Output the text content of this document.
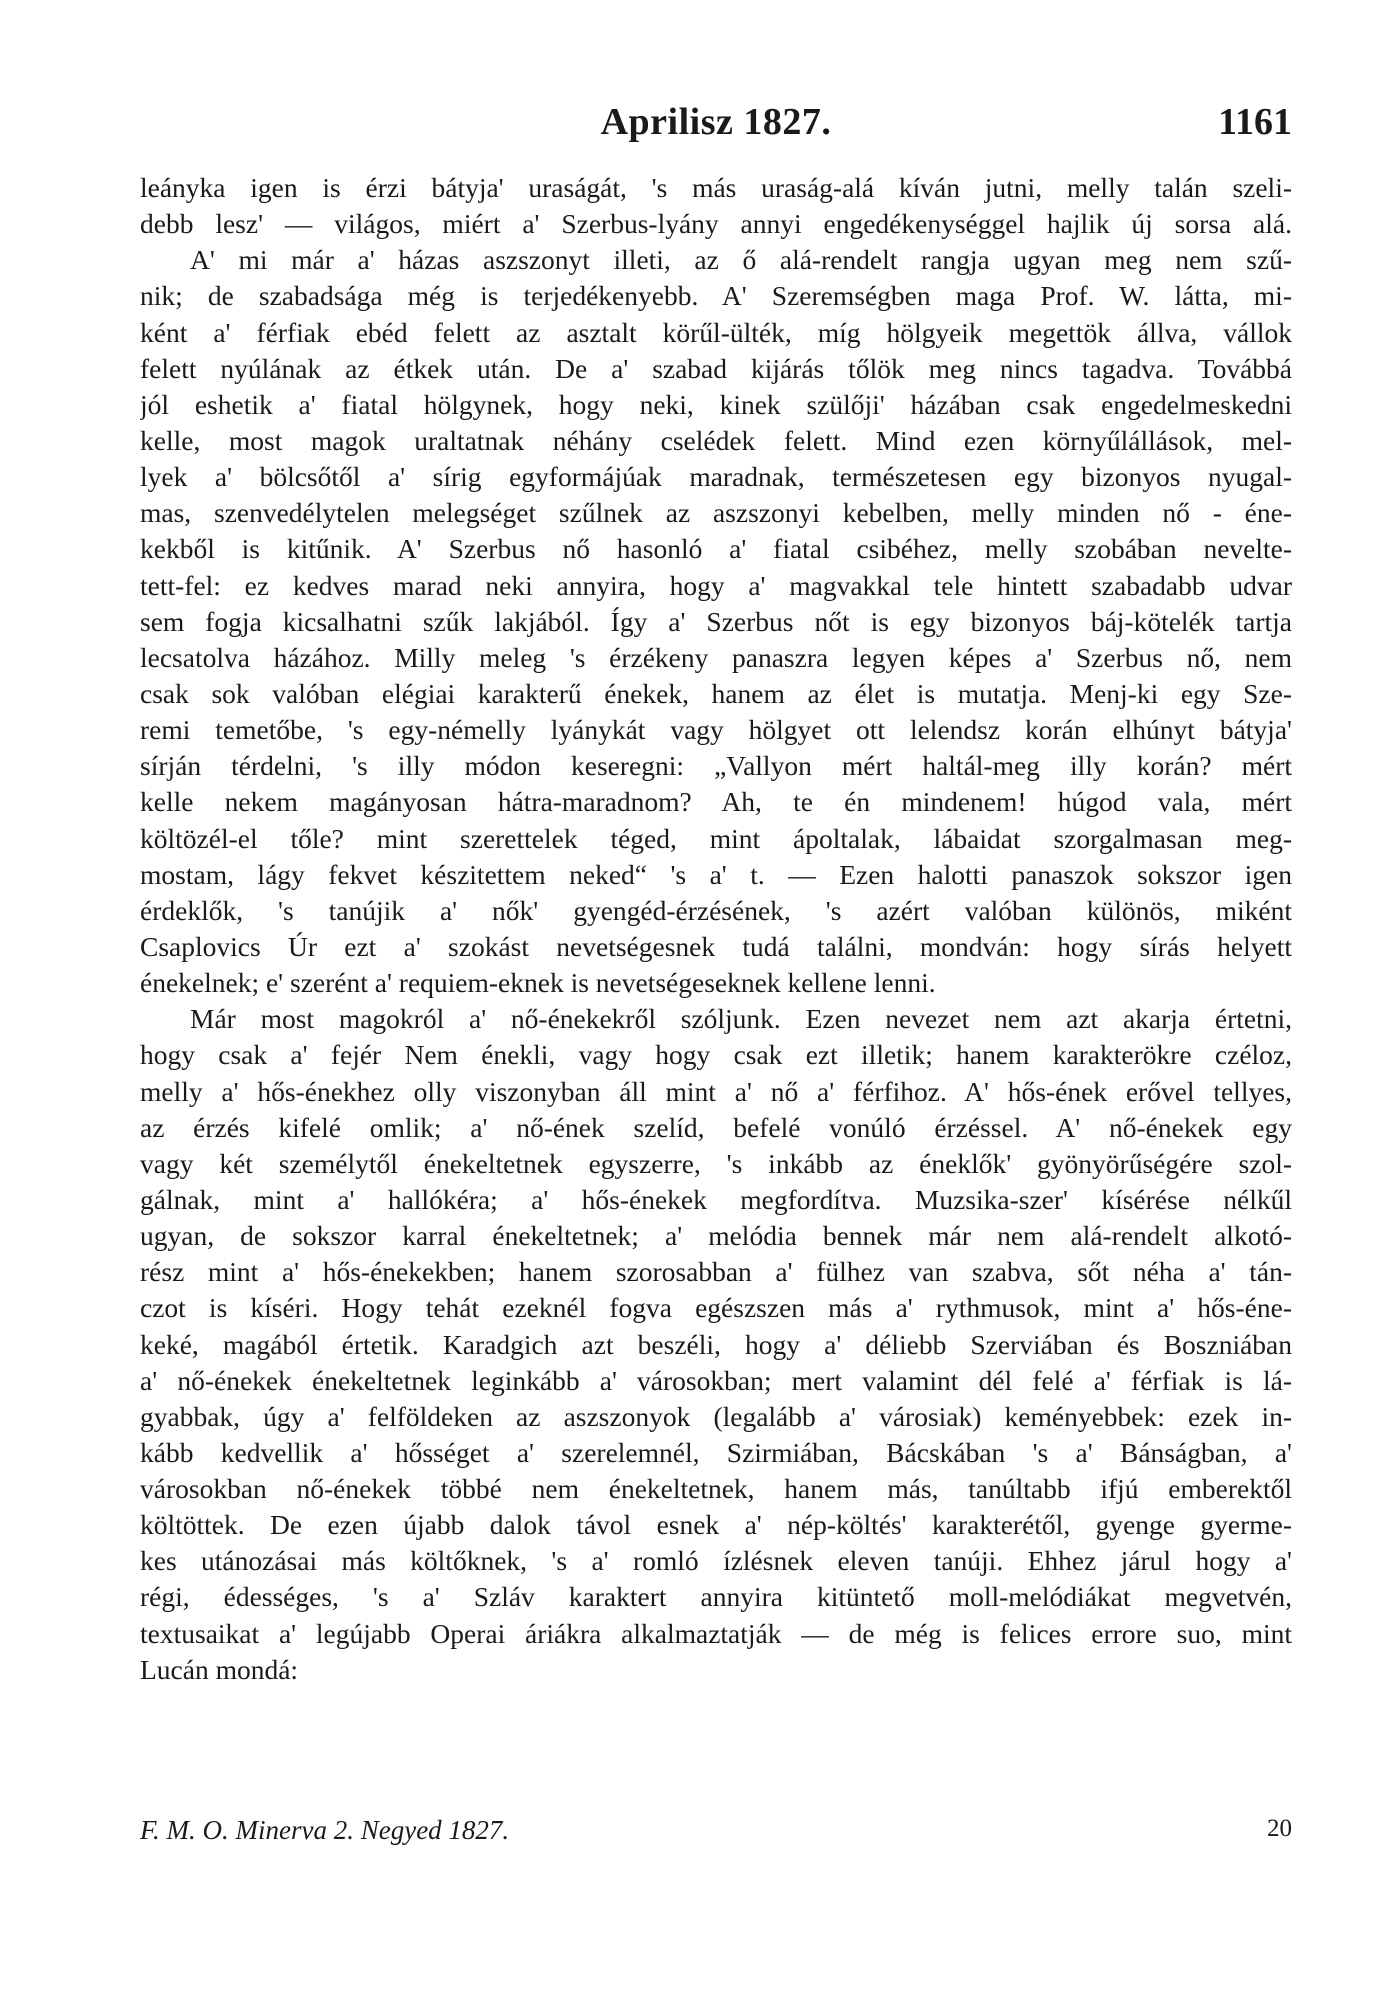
Aprilisz 1827.	1161
leányka igen is érzi bátyja' uraságát, 's más uraság-alá kíván jutni, melly talán szeli-
debb lesz' — világos, miért a' Szerbus-lyány annyi engedékenységgel hajlik új sorsa alá.
A' mi már a' házas aszszonyt illeti, az ő alá-rendelt rangja ugyan meg nem szű-
nik; de szabadsága még is terjedékenyebb. A' Szeremségben maga Prof. W. látta, mi-
ként a' férfiak ebéd felett az asztalt körűl-ülték, míg hölgyeik megettök állva, vállok
felett nyúlának az étkek után. De a' szabad kijárás tőlök meg nincs tagadva. Továbbá
jól eshetik a' fiatal hölgynek, hogy neki, kinek szülőji' házában csak engedelmeskedni
kelle, most magok uraltatnak néhány cselédek felett. Mind ezen környűlállások, mel-
lyek a' bölcsőtől a' sírig egyformájúak maradnak, természetesen egy bizonyos nyugal-
mas, szenvedélytelen melegséget szűlnek az aszszonyi kebelben, melly minden nő - éne-
kekből is kitűnik. A' Szerbus nő hasonló a' fiatal csibéhez, melly szobában nevelte-
tett-fel: ez kedves marad neki annyira, hogy a' magvakkal tele hintett szabadabb udvar
sem fogja kicsalhatni szűk lakjából. Így a' Szerbus nőt is egy bizonyos báj-kötelék tartja
lecsatolva házához. Milly meleg 's érzékeny panaszra legyen képes a' Szerbus nő, nem
csak sok valóban elégiai karakterű énekek, hanem az élet is mutatja. Menj-ki egy Sze-
remi temetőbe, 's egy-némelly lyánykát vagy hölgyet ott lelendsz korán elhúnyt bátyja'
sírján térdelni, 's illy módon keseregni: „Vallyon mért haltál-meg illy korán? mért
kelle nekem magányosan hátra-maradnom? Ah, te én mindenem! húgod vala, mért
költözél-el tőle? mint szerettelek téged, mint ápoltalak, lábaidat szorgalmasan meg-
mostam, lágy fekvet készitettem neked“ 's a' t. — Ezen halotti panaszok sokszor igen
érdeklők, 's tanújik a' nők' gyengéd-érzésének, 's azért valóban különös, miként
Csaplovics Úr ezt a' szokást nevetségesnek tudá találni, mondván: hogy sírás helyett
énekelnek; e' szerént a' requiem-eknek is nevetségeseknek kellene lenni.
Már most magokról a' nő-énekekről szóljunk. Ezen nevezet nem azt akarja értetni,
hogy csak a' fejér Nem énekli, vagy hogy csak ezt illetik; hanem karakterökre czéloz,
melly a' hős-énekhez olly viszonyban áll mint a' nő a' férfihoz. A' hős-ének erővel tellyes,
az érzés kifelé omlik; a' nő-ének szelíd, befelé vonúló érzéssel. A' nő-énekek egy
vagy két személytől énekeltetnek egyszerre, 's inkább az éneklők' gyönyörűségére szol-
gálnak, mint a' hallókéra; a' hős-énekek megfordítva. Muzsika-szer' kísérése nélkűl
ugyan, de sokszor karral énekeltetnek; a' melódia bennek már nem alá-rendelt alkotó-
rész mint a' hős-énekekben; hanem szorosabban a' fülhez van szabva, sőt néha a' tán-
czot is kíséri. Hogy tehát ezeknél fogva egészszen más a' rythmusok, mint a' hős-éne-
keké, magából értetik. Karadgich azt beszéli, hogy a' déliebb Szerviában és Boszniában
a' nő-énekek énekeltetnek leginkább a' városokban; mert valamint dél felé a' férfiak is lá-
gyabbak, úgy a' felföldeken az aszszonyok (legalább a' városiak) keményebbek: ezek in-
kább kedvellik a' hősséget a' szerelemnél, Szirmiában, Bácskában 's a' Bánságban, a'
városokban nő-énekek többé nem énekeltetnek, hanem más, tanúltabb ifjú emberektől
költöttek. De ezen újabb dalok távol esnek a' nép-költés' karakterétől, gyenge gyerme-
kes utánozásai más költőknek, 's a' romló ízlésnek eleven tanúji. Ehhez járul hogy a'
régi, édességes, 's a' Szláv karaktert annyira kitüntető moll-melódiákat megvetvén,
textusaikat a' legújabb Operai áriákra alkalmaztatják — de még is felices errore suo, mint
Lucán mondá:
F. M. O. Minerva 2. Negyed 1827.	20
